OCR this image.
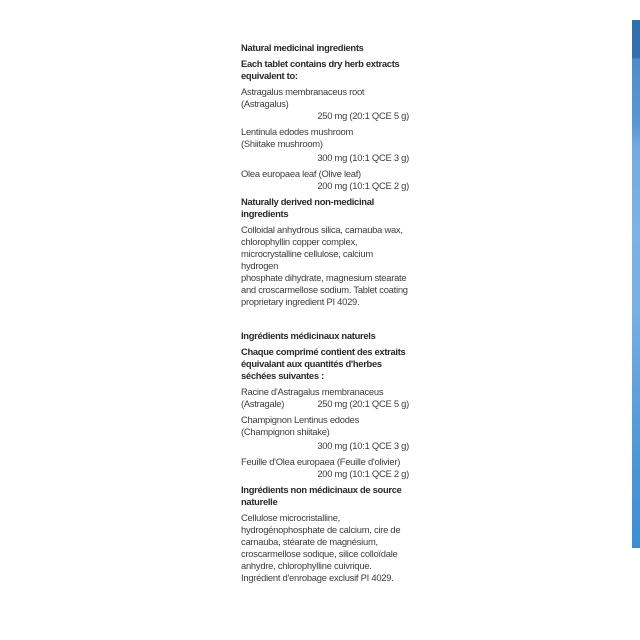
Natural medicinal ingredients
Each tablet contains dry herb extracts
equivalent to:
Astragalus membranaceus root (Astragalus)
250 mg (20:1 QCE 5 g)
Lentinula edodes mushroom
(Shiitake mushroom)
300 mg (10:1 QCE 3 g)
Olea europaea leaf (Olive leaf)
200 mg (10:1 QCE 2 g)
Naturally derived non-medicinal
ingredients
Colloidal anhydrous silica, carnauba wax,
chlorophyllin copper complex,
microcrystalline cellulose, calcium hydrogen
phosphate dihydrate, magnesium stearate
and croscarmellose sodium. Tablet coating
proprietary ingredient PI 4029.
Ingrédients médicinaux naturels
Chaque comprimé contient des extraits
équivalant aux quantités d'herbes
séchées suivantes :
Racine d'Astragalus membranaceus
(Astragale)	250 mg (20:1 QCE 5 g)
Champignon Lentinus edodes
(Champignon shiitake)
300 mg (10:1 QCE 3 g)
Feuille d'Olea europaea (Feuille d'olivier)
200 mg (10:1 QCE 2 g)
Ingrédients non médicinaux de source
naturelle
Cellulose microcristalline,
hydrogénophosphate de calcium, cire de
carnauba, stéarate de magnésium,
croscarmellose sodique, silice colloïdale
anhydre, chlorophylline cuivrique.
Ingrédient d'enrobage exclusif PI 4029.
